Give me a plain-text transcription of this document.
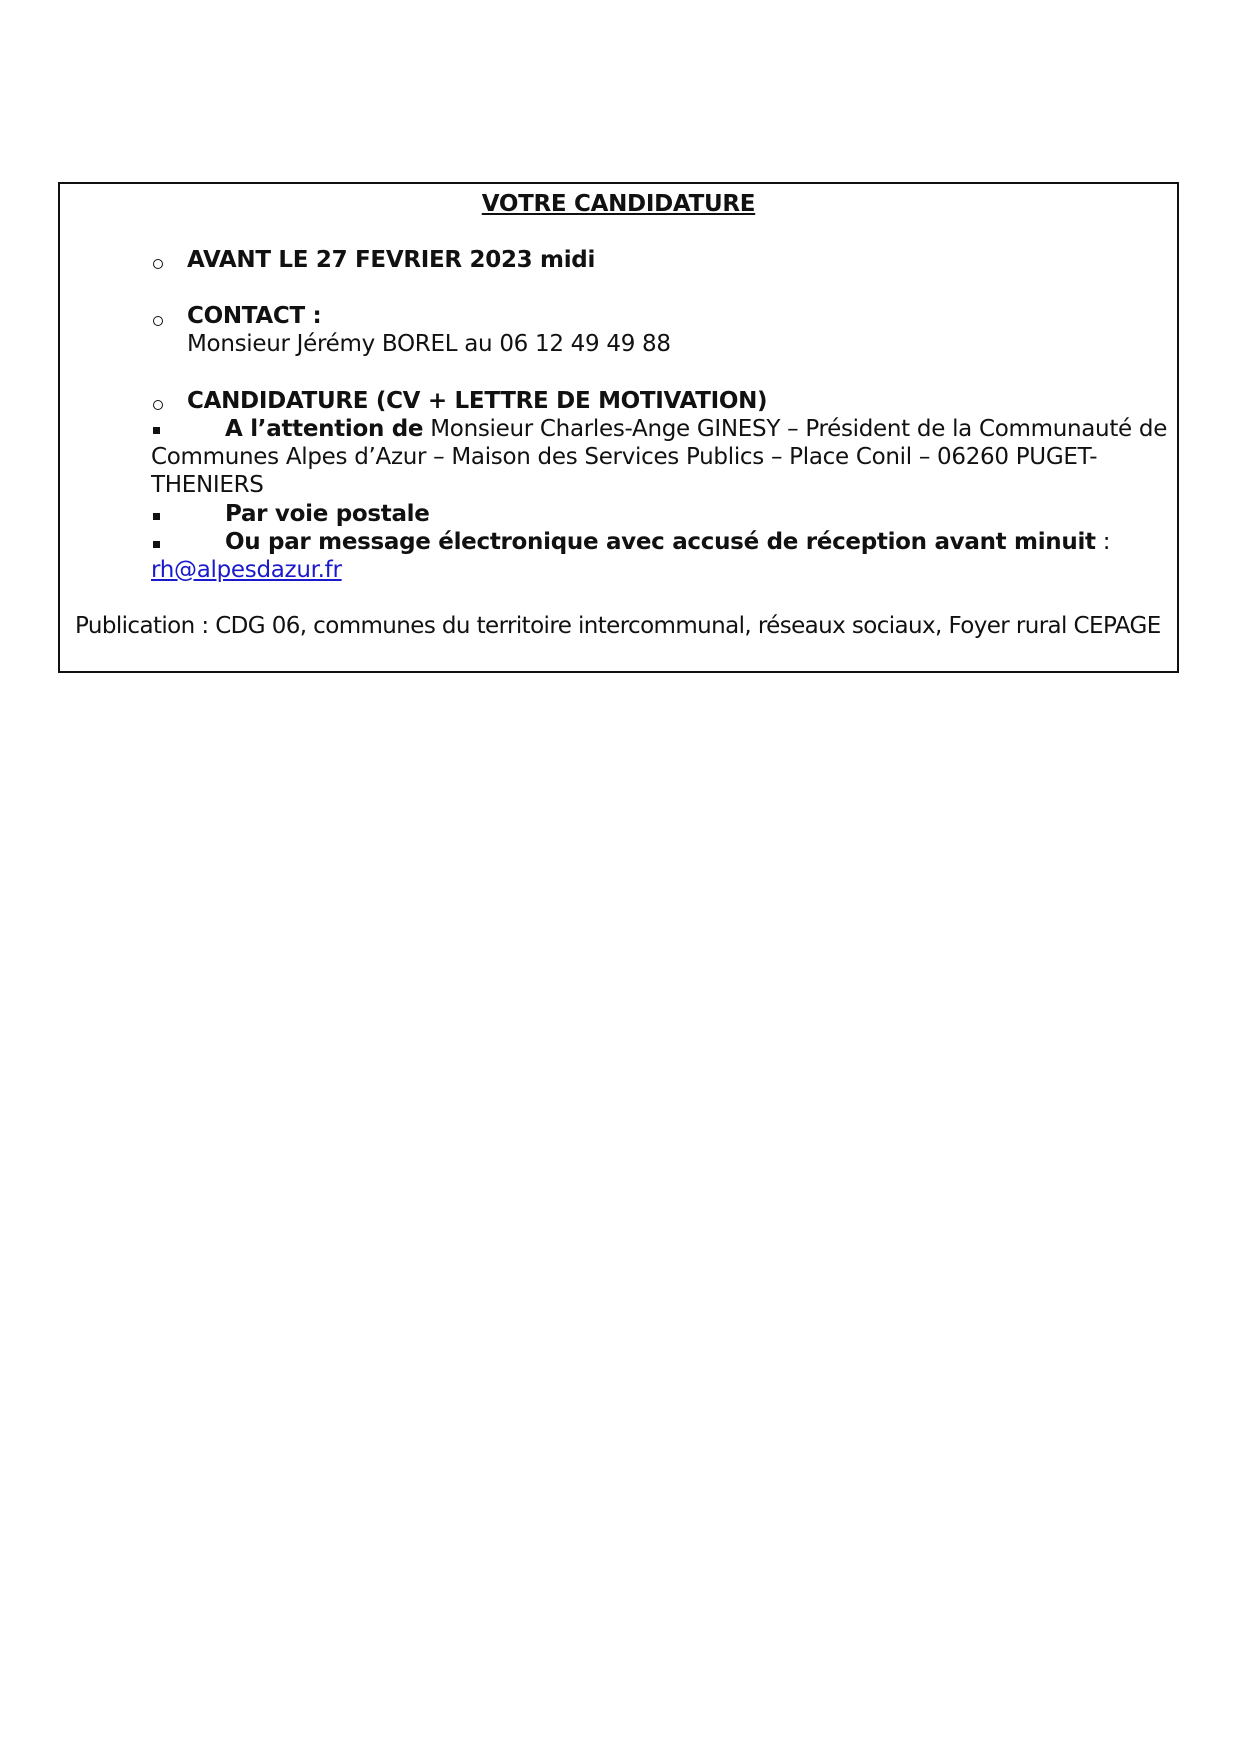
VOTRE CANDIDATURE
AVANT LE 27 FEVRIER 2023 midi
CONTACT :
Monsieur Jérémy BOREL au 06 12 49 49 88
CANDIDATURE (CV + LETTRE DE MOTIVATION)
A l’attention de Monsieur Charles-Ange GINESY – Président de la Communauté de
Communes Alpes d’Azur – Maison des Services Publics – Place Conil – 06260 PUGET-
THENIERS
Par voie postale
Ou par message électronique avec accusé de réception avant minuit :
rh@alpesdazur.fr
Publication : CDG 06, communes du territoire intercommunal, réseaux sociaux, Foyer rural CEPAGE
